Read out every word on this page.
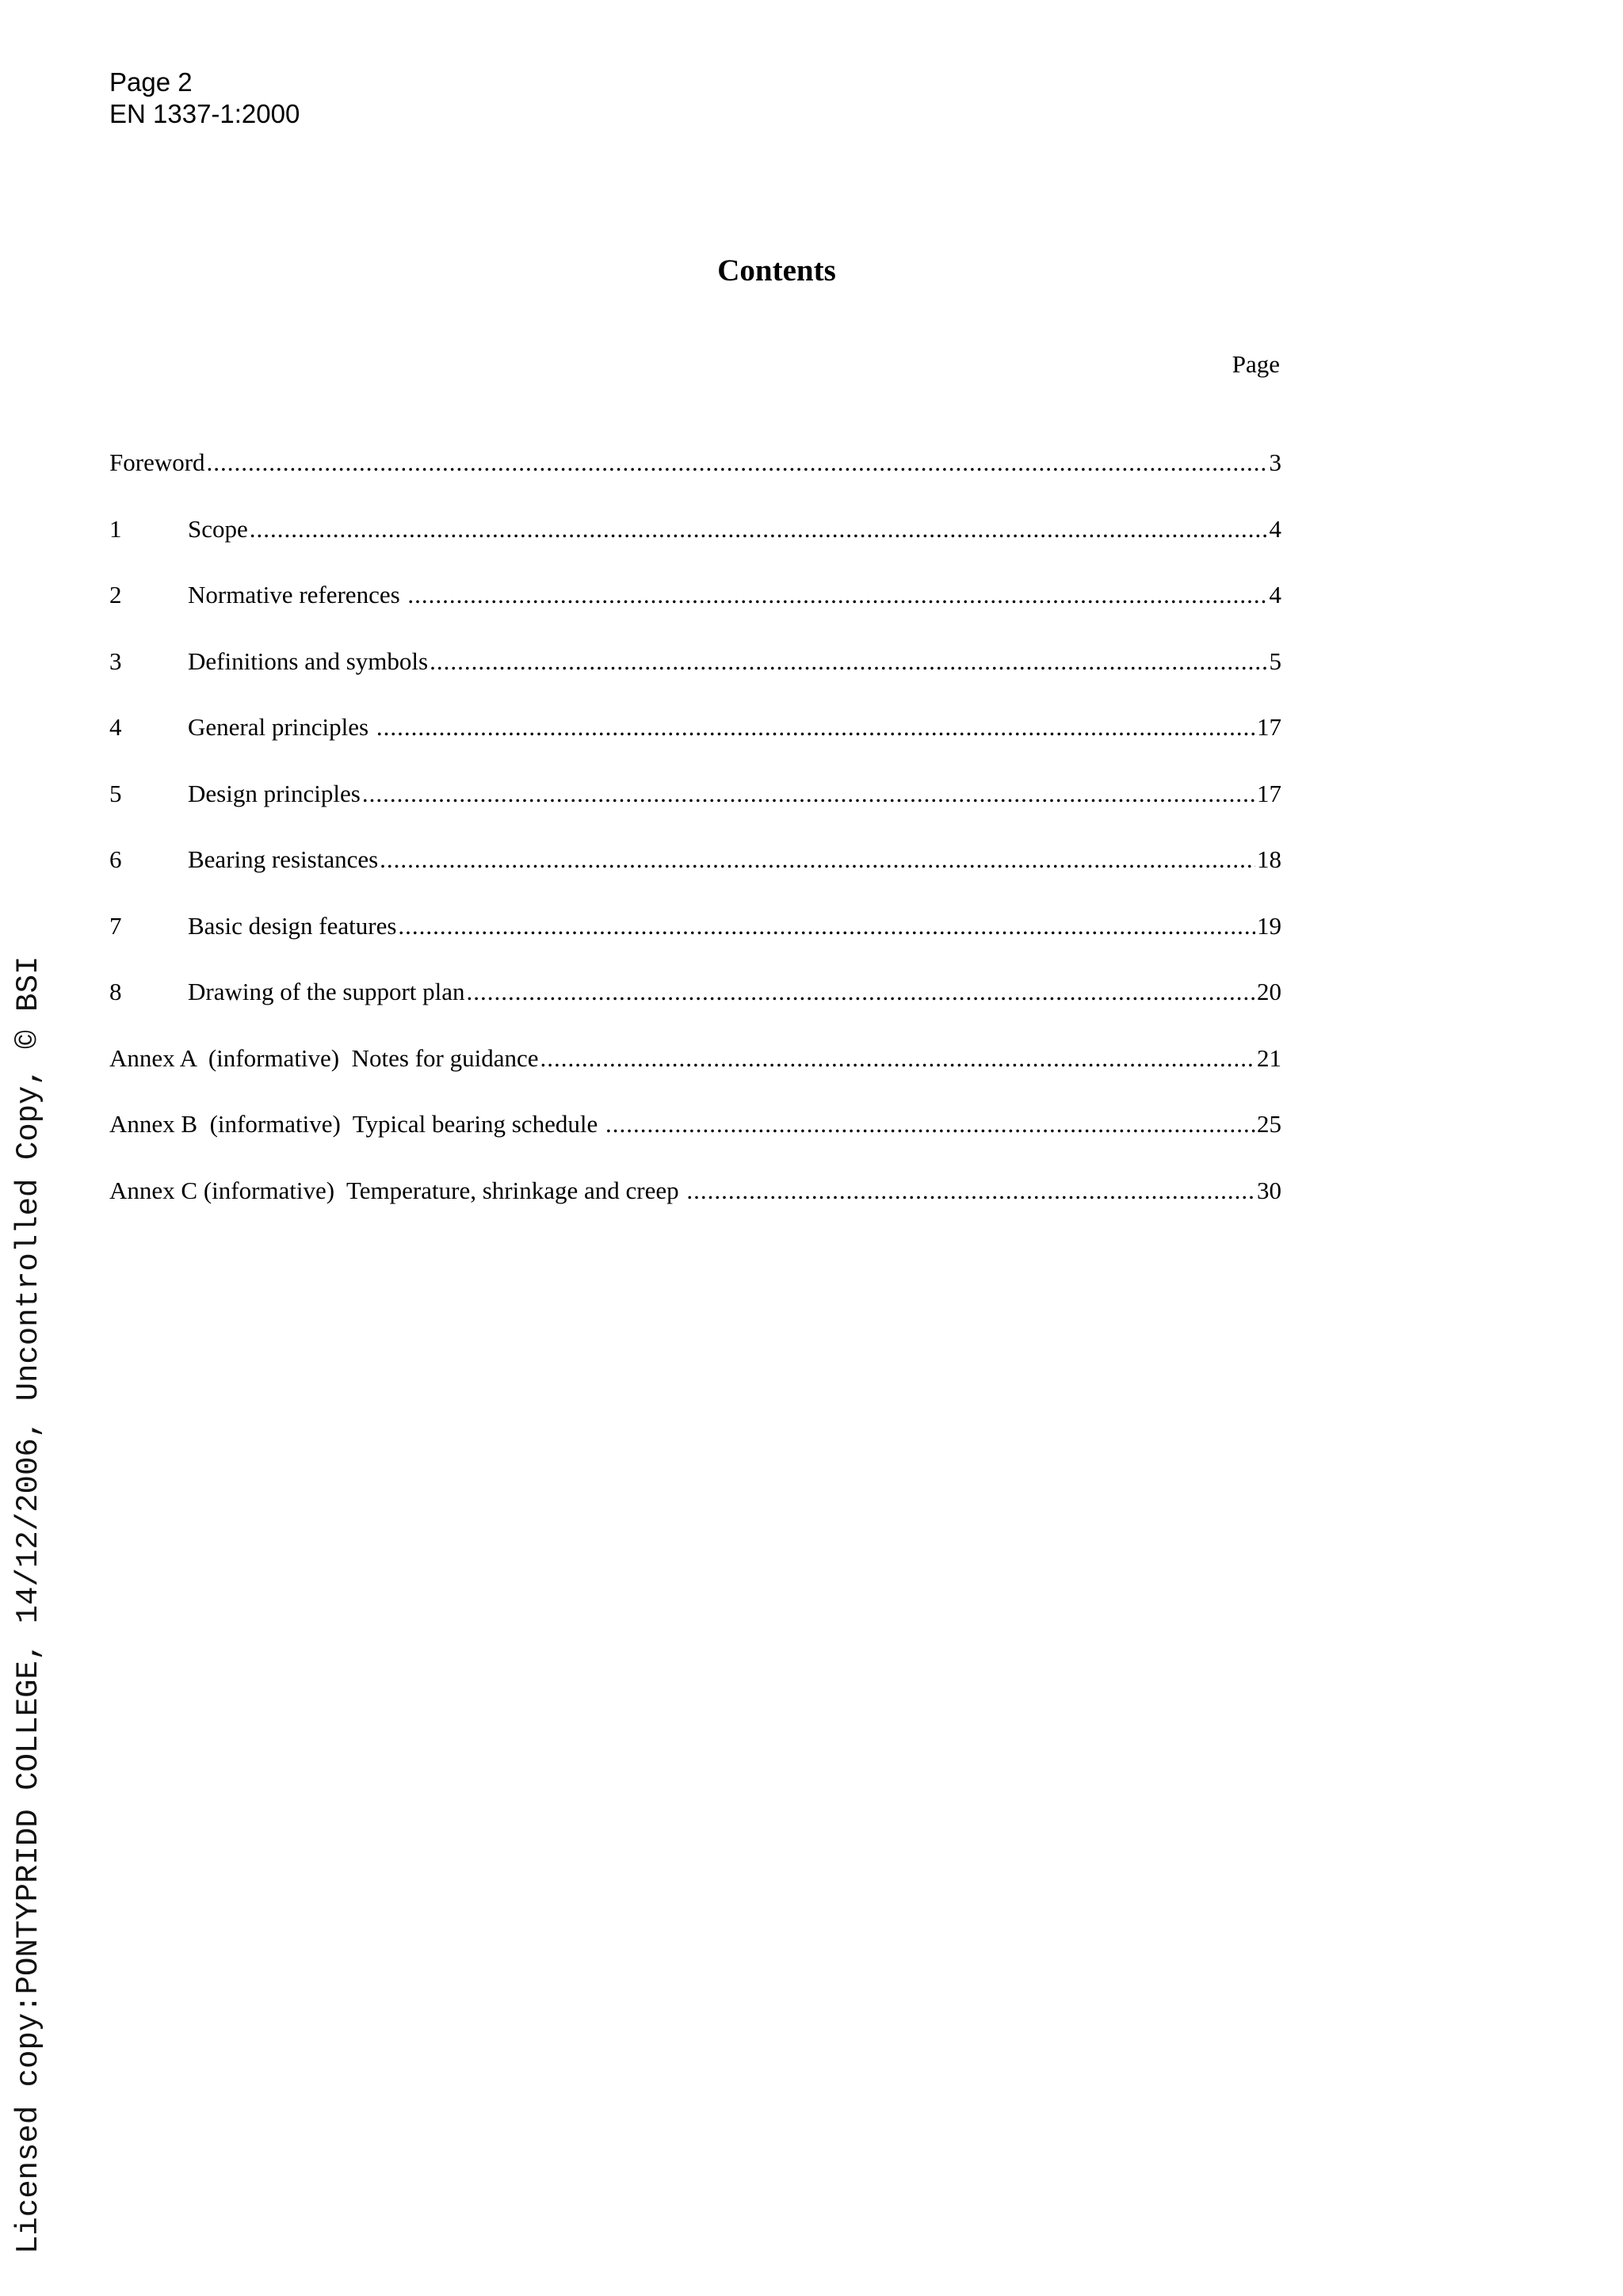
Page 2
EN 1337-1:2000
Contents
Page
Foreword .....	3
1	Scope .....	4
2	Normative references .....	4
3	Definitions and symbols .....	5
4	General principles .....	17
5	Design principles .....	17
6	Bearing resistances .....	18
7	Basic design features .....	19
8	Drawing of the support plan .....	20
Annex A  (informative)  Notes for guidance .....	21
Annex B  (informative)  Typical bearing schedule .....	25
Annex C (informative)  Temperature, shrinkage and creep .....	30
Licensed copy:PONTYPRIDD COLLEGE, 14/12/2006, Uncontrolled Copy, © BSI
